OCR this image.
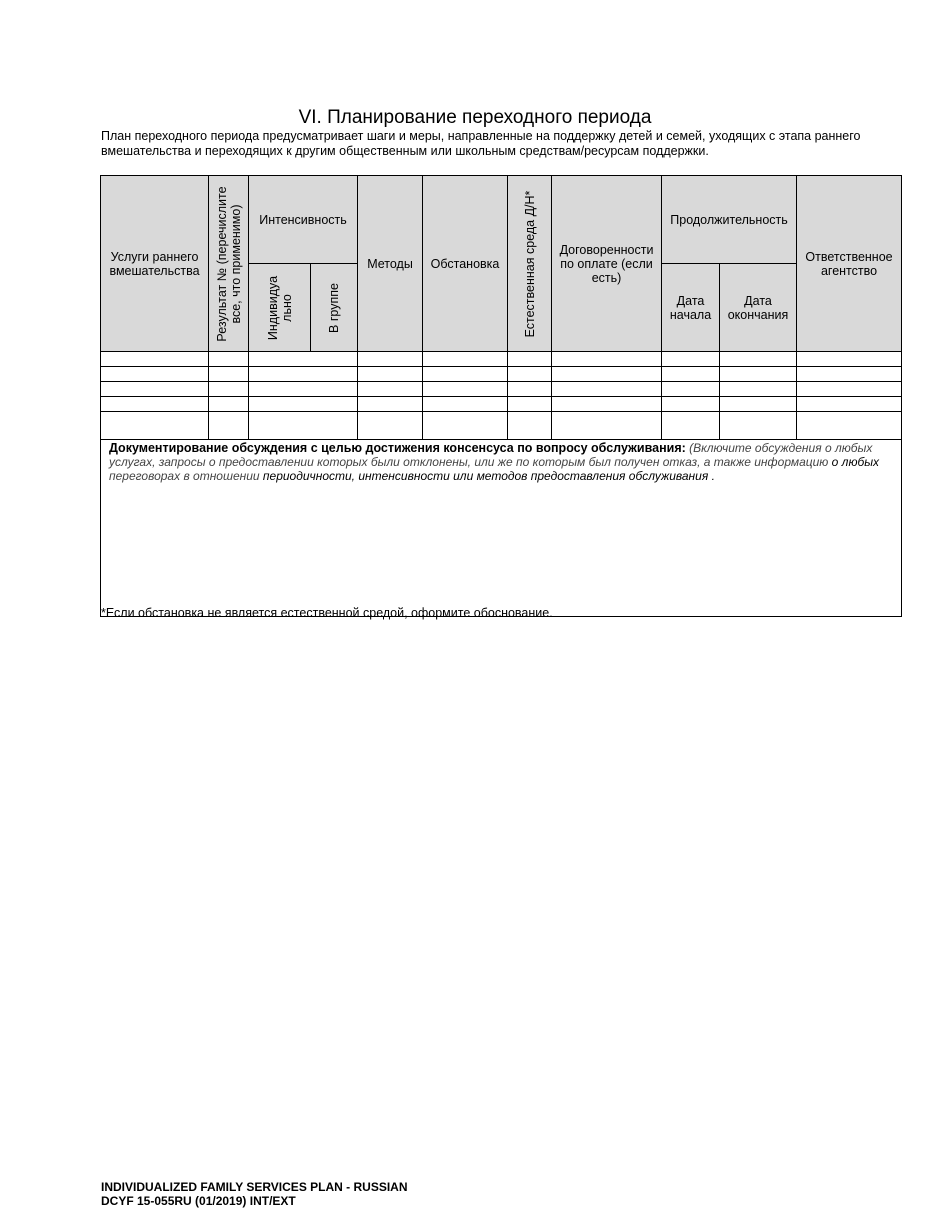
VI. Планирование переходного периода
План переходного периода предусматривает шаги и меры, направленные на поддержку детей и семей, уходящих с этапа раннего вмешательства и переходящих к другим общественным или школьным средствам/ресурсам поддержки.
Услуги раннего вмешательства	Результат № (перечислите все, что применимо)	Интенсивность		Методы	Обстановка	Естественная среда Д/Н*	Договоренности по оплате (если есть)	Продолжительность		Ответственное агентство

		Индивидуа льно	В группе					Дата начала	Дата окончания	

Документирование обсуждения с целью достижения консенсуса по вопросу обслуживания: (Включите обсуждения о любых услугах, запросы о предоставлении которых были отклонены, или же по которым был получен отказ, а также информацию о любых переговорах в отношении периодичности, интенсивности или методов предоставления обслуживания .										
*Если обстановка не является естественной средой, оформите обоснование.
INDIVIDUALIZED FAMILY SERVICES PLAN - RUSSIAN
DCYF 15-055RU (01/2019) INT/EXT
